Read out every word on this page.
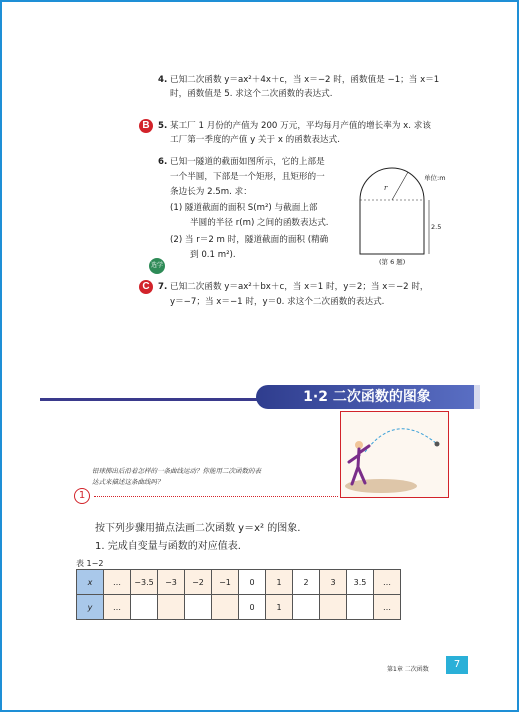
4. 已知二次函数 y＝ax²＋4x＋c，当 x＝−2 时，函数值是 −1；当 x＝1
时，函数值是 5. 求这个二次函数的表达式.
B 5. 某工厂 1 月份的产值为 200 万元，平均每月产值的增长率为 x. 求该
工厂第一季度的产值 y 关于 x 的函数表达式.
6. 已知一隧道的截面如图所示，它的上部是
一个半圆，下部是一个矩形，且矩形的一
条边长为 2.5m. 求：
(1) 隧道截面的面积 S(m²) 与截面上部
半圆的半径 r(m) 之间的函数表达式.
(2) 当 r＝2 m 时，隧道截面的面积 (精确
到 0.1 m²).
r
单位:m
2.5
(第 6 题)
选学
C 7. 已知二次函数 y＝ax²＋bx＋c，当 x＝1 时，y＝2；当 x＝−2 时，
y＝−7；当 x＝−1 时，y＝0. 求这个二次函数的表达式.
1·2 二次函数的图象
铅球掷出后沿着怎样的一条曲线运动？你能用二次函数的表
达式来描述这条曲线吗？
1
按下列步骤用描点法画二次函数 y＝x² 的图象.
1. 完成自变量与函数的对应值表.
表 1−2
x	…	−3.5	−3	−2	−1	0	1	2	3	3.5	…
y	…					0	1				…
第1章 二次函数	7
